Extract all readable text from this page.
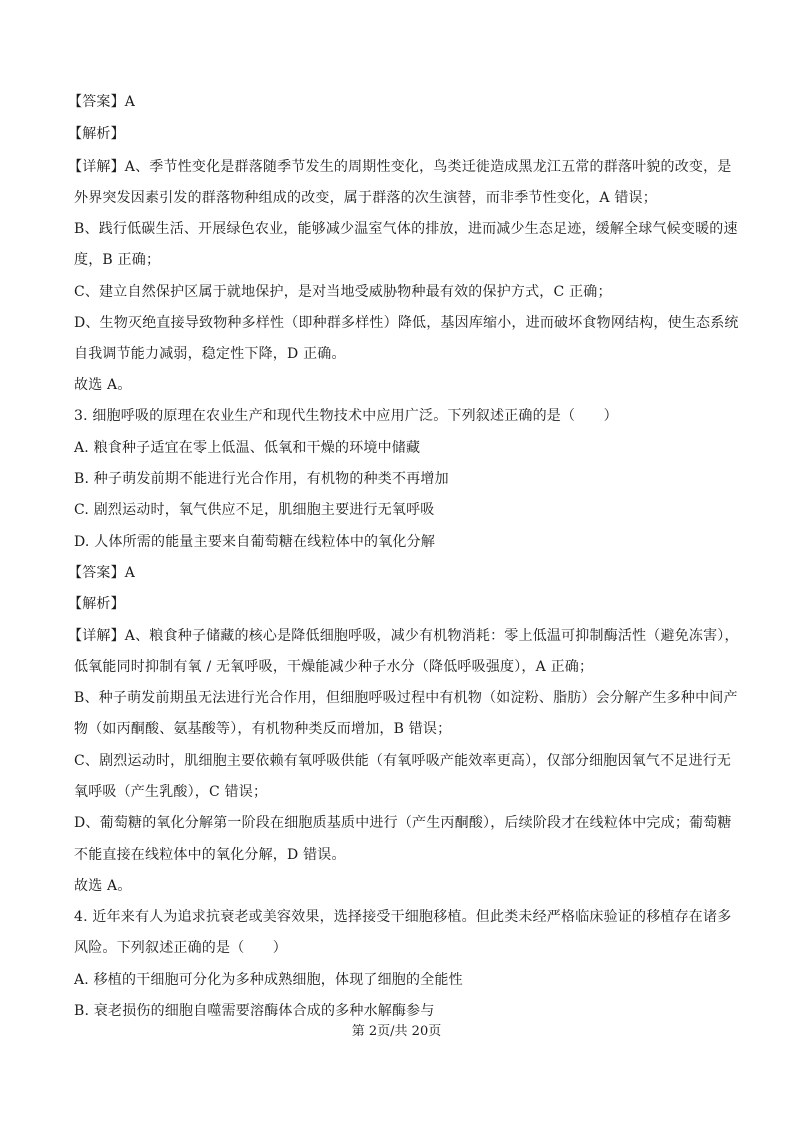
【答案】A
【解析】
【详解】A、季节性变化是群落随季节发生的周期性变化，鸟类迁徙造成黑龙江五常的群落叶貌的改变，是
外界突发因素引发的群落物种组成的改变，属于群落的次生演替，而非季节性变化，A 错误；
B、践行低碳生活、开展绿色农业，能够减少温室气体的排放，进而减少生态足迹，缓解全球气候变暖的速
度，B 正确；
C、建立自然保护区属于就地保护，是对当地受威胁物种最有效的保护方式，C 正确；
D、生物灭绝直接导致物种多样性（即种群多样性）降低，基因库缩小，进而破坏食物网结构，使生态系统
自我调节能力减弱，稳定性下降，D 正确。
故选 A。
3. 细胞呼吸的原理在农业生产和现代生物技术中应用广泛。下列叙述正确的是（　　）
A. 粮食种子适宜在零上低温、低氧和干燥的环境中储藏
B. 种子萌发前期不能进行光合作用，有机物的种类不再增加
C. 剧烈运动时，氧气供应不足，肌细胞主要进行无氧呼吸
D. 人体所需的能量主要来自葡萄糖在线粒体中的氧化分解
【答案】A
【解析】
【详解】A、粮食种子储藏的核心是降低细胞呼吸，减少有机物消耗：零上低温可抑制酶活性（避免冻害），
低氧能同时抑制有氧 / 无氧呼吸，干燥能减少种子水分（降低呼吸强度），A 正确；
B、种子萌发前期虽无法进行光合作用，但细胞呼吸过程中有机物（如淀粉、脂肪）会分解产生多种中间产
物（如丙酮酸、氨基酸等），有机物种类反而增加，B 错误；
C、剧烈运动时，肌细胞主要依赖有氧呼吸供能（有氧呼吸产能效率更高），仅部分细胞因氧气不足进行无
氧呼吸（产生乳酸），C 错误；
D、葡萄糖的氧化分解第一阶段在细胞质基质中进行（产生丙酮酸），后续阶段才在线粒体中完成；葡萄糖
不能直接在线粒体中的氧化分解，D 错误。
故选 A。
4. 近年来有人为追求抗衰老或美容效果，选择接受干细胞移植。但此类未经严格临床验证的移植存在诸多
风险。下列叙述正确的是（　　）
A. 移植的干细胞可分化为多种成熟细胞，体现了细胞的全能性
B. 衰老损伤的细胞自噬需要溶酶体合成的多种水解酶参与
第 2页/共 20页
